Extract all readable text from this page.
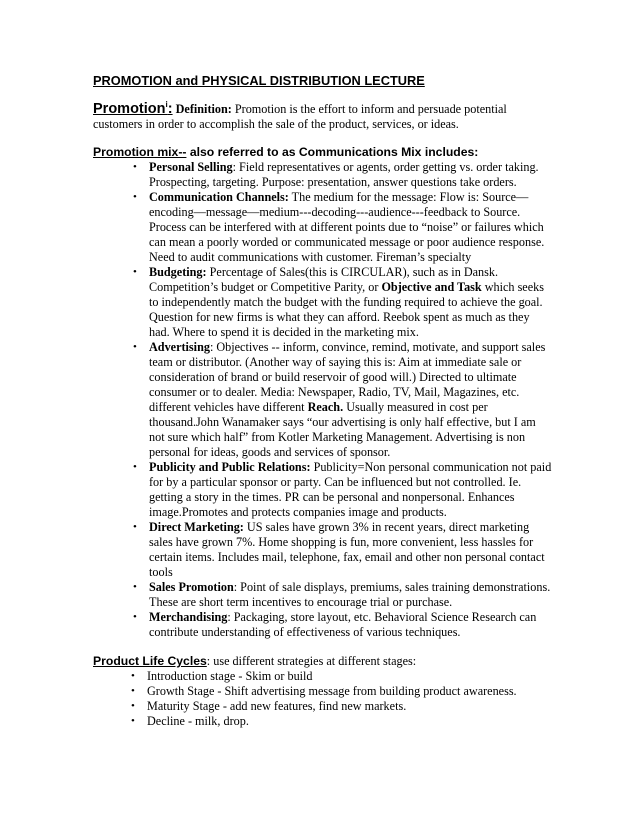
PROMOTION and PHYSICAL DISTRIBUTION LECTURE
Promotion$^i$: Definition: Promotion is the effort to inform and persuade potential customers in order to accomplish the sale of the product, services, or ideas.
Promotion mix-- also referred to as Communications Mix includes:
• Personal Selling: Field representatives or agents, order getting vs. order taking. Prospecting, targeting. Purpose: presentation, answer questions take orders.
• Communication Channels: The medium for the message: Flow is: Source—encoding—message—medium--‐decoding---audience---feedback to Source. Process can be interfered with at different points due to “noise” or failures which can mean a poorly worded or communicated message or poor audience response. Need to audit communications with customer. Fireman’s specialty
• Budgeting: Percentage of Sales(this is CIRCULAR), such as in Dansk. Competition’s budget or Competitive Parity, or Objective and Task which seeks to independently match the budget with the funding required to achieve the goal. Question for new firms is what they can afford. Reebok spent as much as they had. Where to spend it is decided in the marketing mix.
• Advertising: Objectives -- inform, convince, remind, motivate, and support sales team or distributor. (Another way of saying this is: Aim at immediate sale or consideration of brand or build reservoir of good will.) Directed to ultimate consumer or to dealer. Media: Newspaper, Radio, TV, Mail, Magazines, etc. different vehicles have different Reach. Usually measured in cost per thousand.John Wanamaker says “our advertising is only half effective, but I am not sure which half” from Kotler Marketing Management. Advertising is non personal for ideas, goods and services of sponsor.
• Publicity and Public Relations: Publicity=Non personal communication not paid for by a particular sponsor or party. Can be influenced but not controlled. Ie. getting a story in the times. PR can be personal and nonpersonal. Enhances image.Promotes and protects companies image and products.
• Direct Marketing: US sales have grown 3% in recent years, direct marketing sales have grown 7%. Home shopping is fun, more convenient, less hassles for certain items. Includes mail, telephone, fax, email and other non personal contact tools
• Sales Promotion: Point of sale displays, premiums, sales training demonstrations. These are short term incentives to encourage trial or purchase.
• Merchandising: Packaging, store layout, etc. Behavioral Science Research can contribute understanding of effectiveness of various techniques.
Product Life Cycles: use different strategies at different stages:
• Introduction stage - Skim or build
• Growth Stage - Shift advertising message from building product awareness.
• Maturity Stage - add new features, find new markets.
• Decline - milk, drop.
